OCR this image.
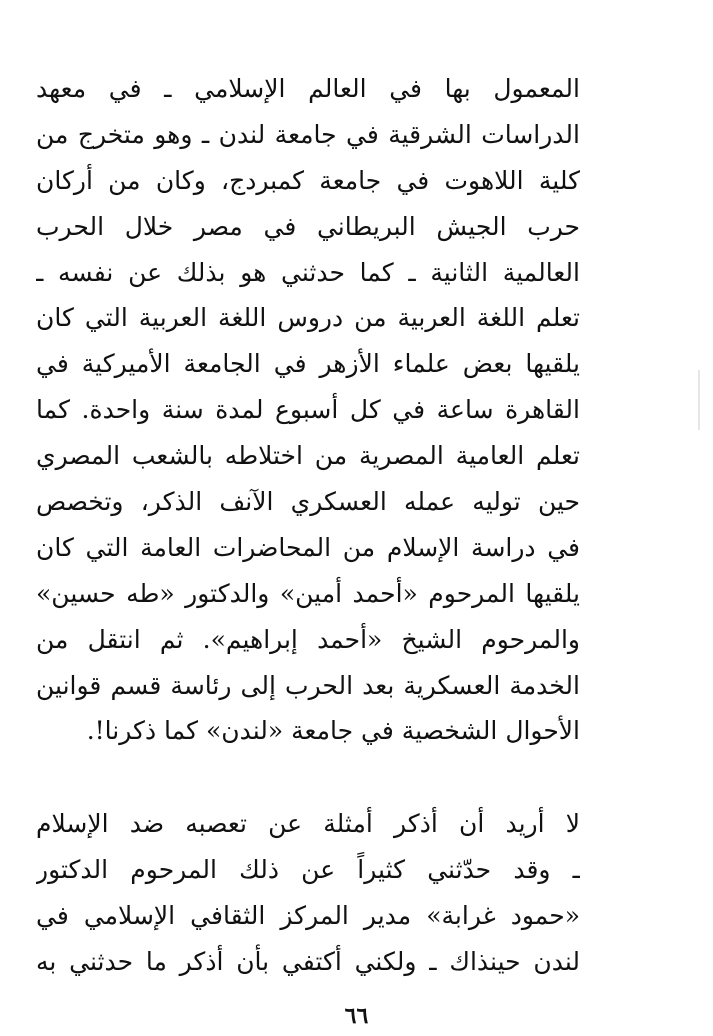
المعمول بها في العالم الإسلامي ـ في معهد
الدراسات الشرقية في جامعة لندن ـ وهو متخرج من
كلية اللاهوت في جامعة كمبردج، وكان من أركان
حرب الجيش البريطاني في مصر خلال الحرب
العالمية الثانية ـ كما حدثني هو بذلك عن نفسه ـ
تعلم اللغة العربية من دروس اللغة العربية التي كان
يلقيها بعض علماء الأزهر في الجامعة الأميركية في
القاهرة ساعة في كل أسبوع لمدة سنة واحدة. كما
تعلم العامية المصرية من اختلاطه بالشعب المصري
حين توليه عمله العسكري الآنف الذكر، وتخصص
في دراسة الإسلام من المحاضرات العامة التي كان
يلقيها المرحوم «أحمد أمين» والدكتور «طه حسين»
والمرحوم الشيخ «أحمد إبراهيم». ثم انتقل من
الخدمة العسكرية بعد الحرب إلى رئاسة قسم قوانين
الأحوال الشخصية في جامعة «لندن» كما ذكرنا!.
لا أريد أن أذكر أمثلة عن تعصبه ضد الإسلام
ـ وقد حدّثني كثيراً عن ذلك المرحوم الدكتور
«حمود غرابة» مدير المركز الثقافي الإسلامي في
لندن حينذاك ـ ولكني أكتفي بأن أذكر ما حدثني به
٦٦
